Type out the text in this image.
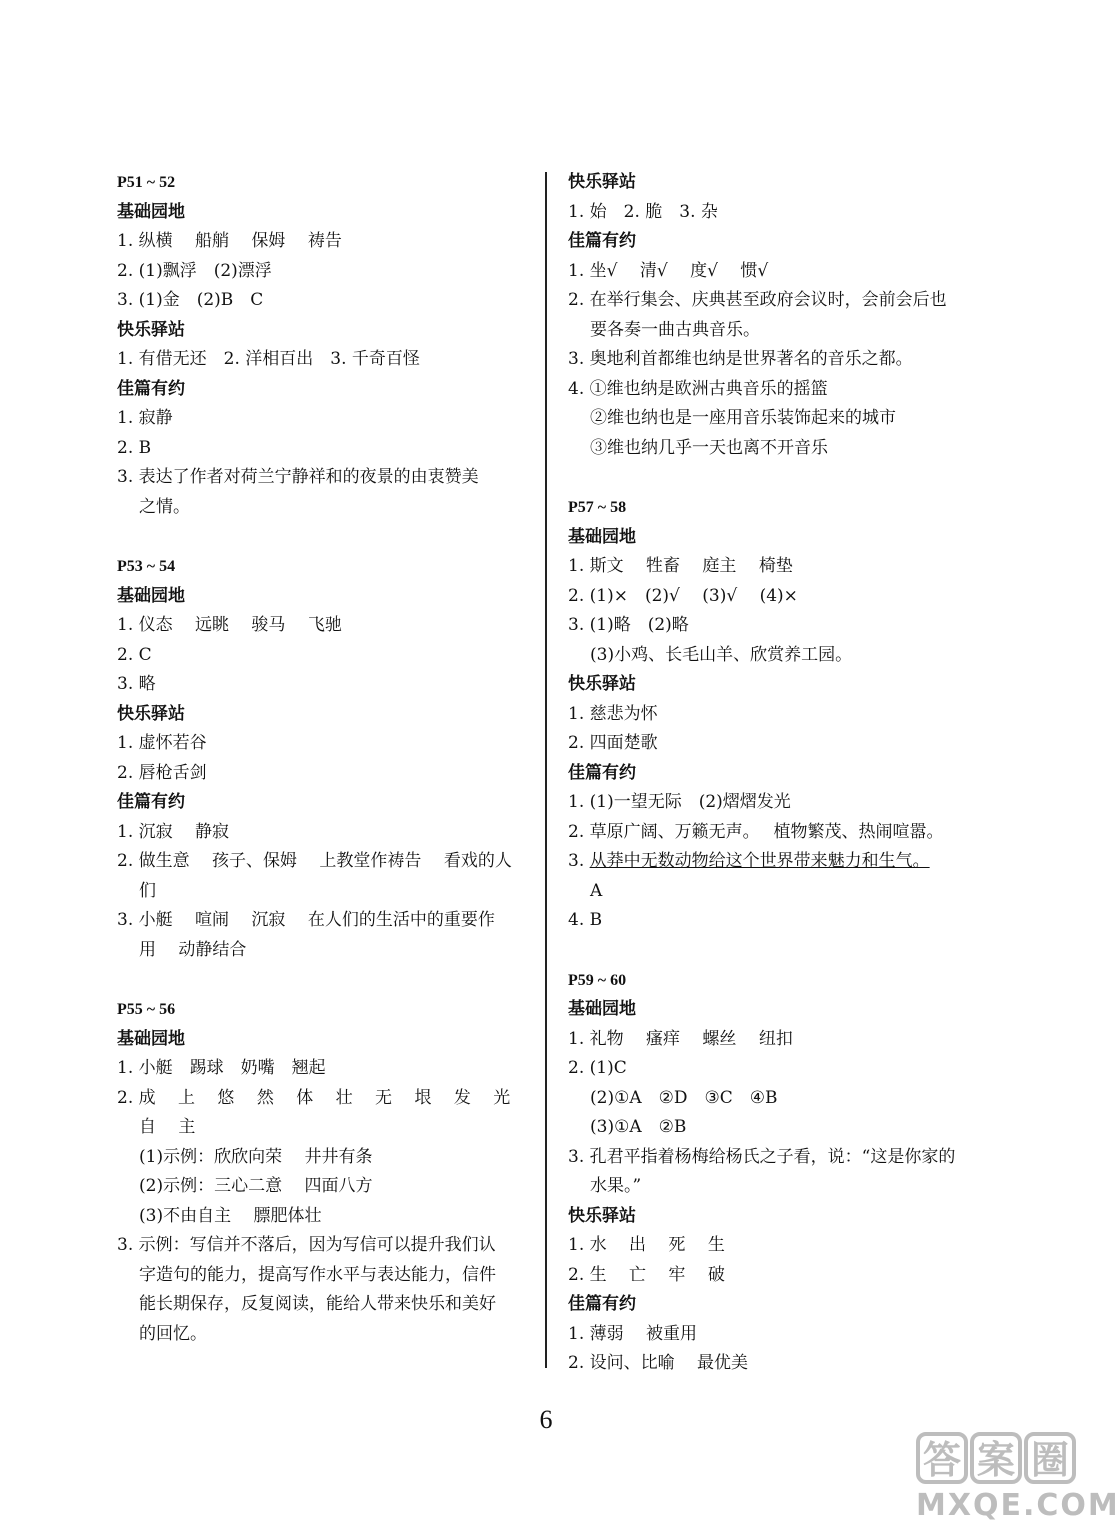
P51 ~ 52
基础园地
1. 纵横　 船艄　 保姆　 祷告
2. (1)飘浮　(2)漂浮
3. (1)金　(2)B　C
快乐驿站
1. 有借无还　2. 洋相百出　3. 千奇百怪
佳篇有约
1. 寂静
2. B
3. 表达了作者对荷兰宁静祥和的夜景的由衷赞美
之情。
P53 ~ 54
基础园地
1. 仪态　 远眺　 骏马　 飞驰
2. C
3. 略
快乐驿站
1. 虚怀若谷
2. 唇枪舌剑
佳篇有约
1. 沉寂　 静寂
2. 做生意　 孩子、保姆　 上教堂作祷告　 看戏的人
们
3. 小艇　 喧闹　 沉寂　 在人们的生活中的重要作
用　 动静结合
P55 ~ 56
基础园地
1. 小艇　踢球　奶嘴　翘起
2. 成　 上　 悠　 然　 体　 壮　 无　 垠　 发　 光
自　 主
(1)示例：欣欣向荣　 井井有条
(2)示例：三心二意　 四面八方
(3)不由自主　 膘肥体壮
3. 示例：写信并不落后，因为写信可以提升我们认
字造句的能力，提高写作水平与表达能力，信件
能长期保存，反复阅读，能给人带来快乐和美好
的回忆。
快乐驿站
1. 始　2. 脆　3. 杂
佳篇有约
1. 坐√　 清√　 度√　 惯√
2. 在举行集会、庆典甚至政府会议时，会前会后也
要各奏一曲古典音乐。
3. 奥地利首都维也纳是世界著名的音乐之都。
4. ①维也纳是欧洲古典音乐的摇篮
②维也纳也是一座用音乐装饰起来的城市
③维也纳几乎一天也离不开音乐
P57 ~ 58
基础园地
1. 斯文　 牲畜　 庭主　 椅垫
2. (1)×　(2)√　 (3)√　 (4)×
3. (1)略　(2)略
(3)小鸡、长毛山羊、欣赏养工园。
快乐驿站
1. 慈悲为怀
2. 四面楚歌
佳篇有约
1. (1)一望无际　(2)熠熠发光
2. 草原广阔、万籁无声。　 植物繁茂、热闹喧嚣。
3. 从莽中无数动物给这个世界带来魅力和生气。
A
4. B
P59 ~ 60
基础园地
1. 礼物　 瘙痒　 螺丝　 纽扣
2. (1)C
(2)①A　②D　③C　④B
(3)①A　②B
3. 孔君平指着杨梅给杨氏之子看，说：“这是你家的
水果。”
快乐驿站
1. 水　 出　 死　 生
2. 生　 亡　 牢　 破
佳篇有约
1. 薄弱　 被重用
2. 设问、比喻　 最优美
6
答 案 圈
MXQE.COM
